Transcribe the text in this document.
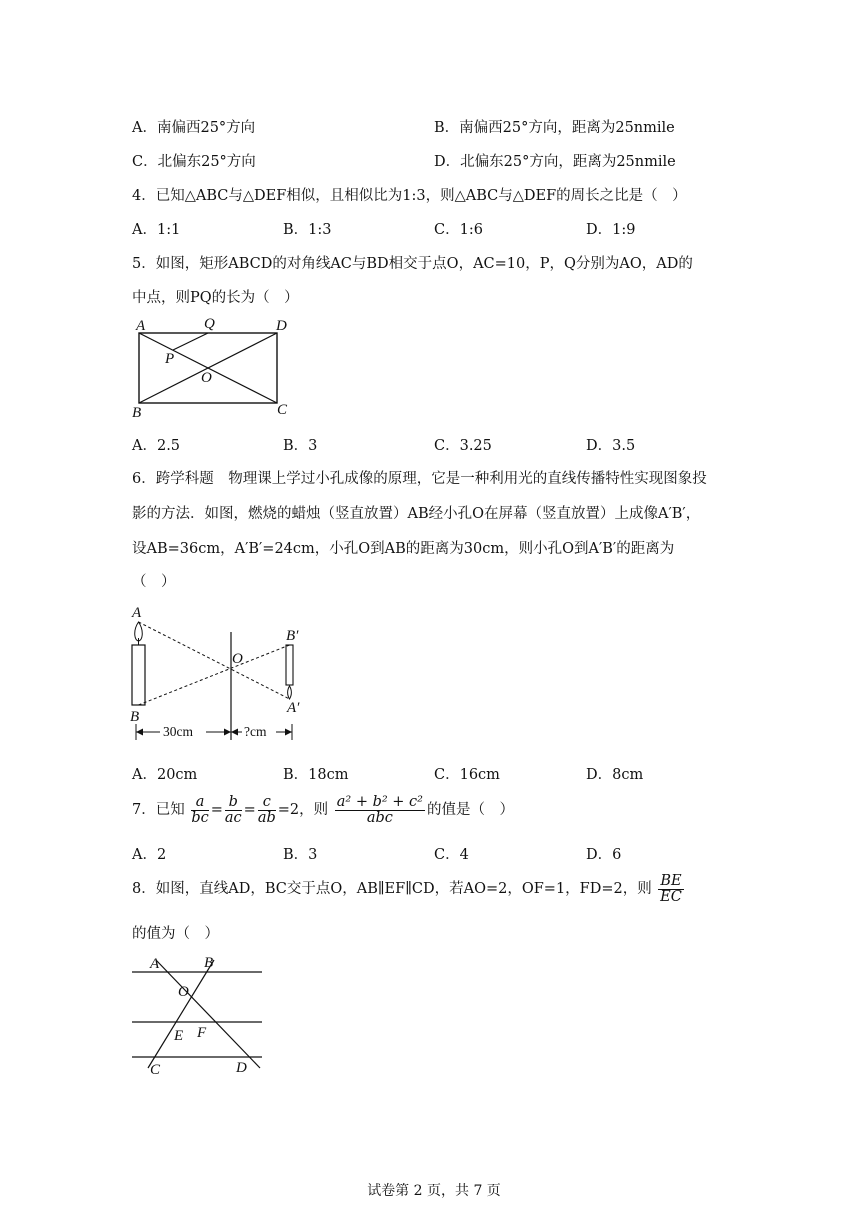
A．南偏西25°方向	B．南偏西25°方向，距离为25nmile
C．北偏东25°方向	D．北偏东25°方向，距离为25nmile
4．已知△ABC与△DEF相似，且相似比为1:3，则△ABC与△DEF的周长之比是（　）
A．1:1	B．1:3	C．1:6	D．1:9
5．如图，矩形ABCD的对角线AC与BD相交于点O，AC=10，P，Q分别为AO，AD的
中点，则PQ的长为（　）
A	Q	D
P
O
B	C
A．2.5	B．3	C．3.25	D．3.5
6．跨学科题　物理课上学过小孔成像的原理，它是一种利用光的直线传播特性实现图象投
影的方法．如图，燃烧的蜡烛（竖直放置）AB经小孔O在屏幕（竖直放置）上成像A′B′，
设AB=36cm，A′B′=24cm，小孔O到AB的距离为30cm，则小孔O到A′B′的距离为
（　）
A
B
O
B′
A′
30cm	?cm
A．20cm	B．18cm	C．16cm	D．8cm
7．已知 $\frac{a}{bc} = \frac{b}{ac} = \frac{c}{ab} =2$，则 $\frac{\text{a² + b² + c²}}{\text{abc}}$ 的值是（　）
A．2	B．3	C．4	D．6
8．如图，直线AD，BC交于点O，AB∥EF∥CD，若AO=2，OF=1，FD=2，则 $\frac{BE}{EC}$
的值为（　）
A	B
O
E F
C	D
试卷第 2 页，共 7 页
